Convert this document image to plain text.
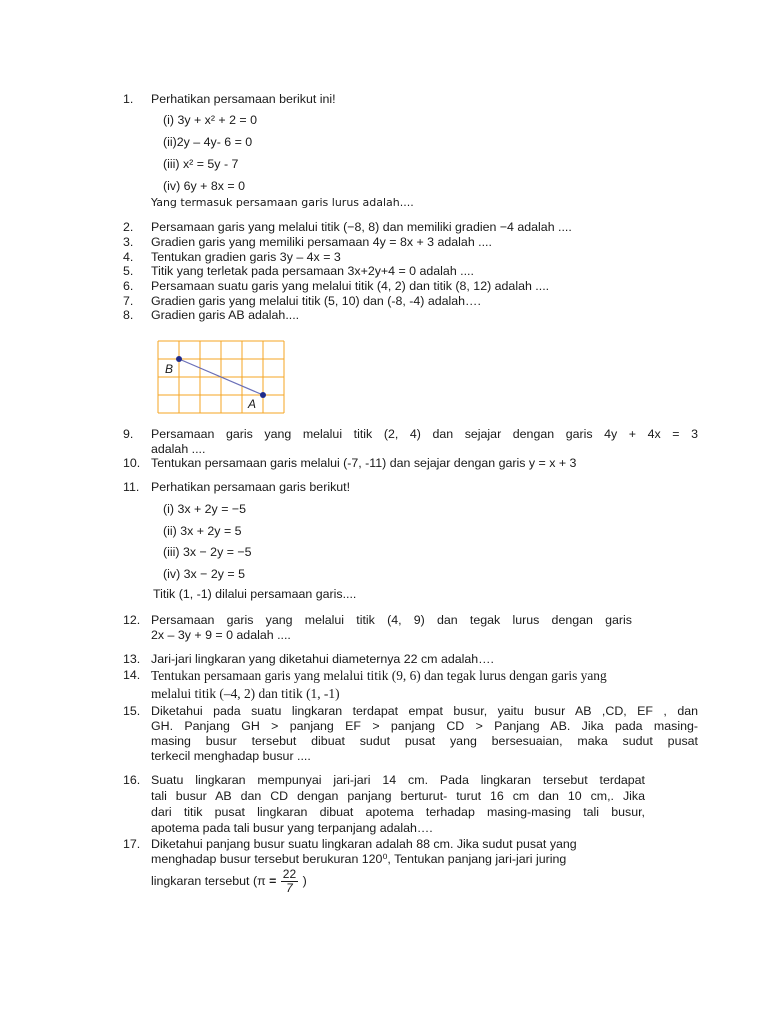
1. Perhatikan persamaan berikut ini!
(i) 3y + x² + 2 = 0
(ii)2y – 4y- 6 = 0
(iii) x² = 5y - 7
(iv) 6y + 8x = 0
Yang termasuk persamaan garis lurus adalah....
2. Persamaan garis yang melalui titik (−8, 8) dan memiliki gradien −4 adalah ....
3. Gradien garis yang memiliki persamaan 4y = 8x + 3 adalah ....
4. Tentukan gradien garis 3y – 4x = 3
5. Titik yang terletak pada persamaan 3x+2y+4 = 0 adalah ....
6. Persamaan suatu garis yang melalui titik (4, 2) dan titik (8, 12) adalah ....
7. Gradien garis yang melalui titik (5, 10) dan (-8, -4) adalah….
8. Gradien garis AB adalah....
B
A
9. Persamaan garis yang melalui titik (2, 4) dan sejajar dengan garis 4y + 4x = 3
adalah ....
10. Tentukan persamaan garis melalui (-7, -11) dan sejajar dengan garis y = x + 3
11. Perhatikan persamaan garis berikut!
(i) 3x + 2y = −5
(ii) 3x + 2y = 5
(iii) 3x − 2y = −5
(iv) 3x − 2y = 5
Titik (1, -1) dilalui persamaan garis....
12. Persamaan garis yang melalui titik (4, 9) dan tegak lurus dengan garis
2x – 3y + 9 = 0 adalah ....
13. Jari-jari lingkaran yang diketahui diameternya 22 cm adalah….
14. Tentukan persamaan garis yang melalui titik (9, 6) dan tegak lurus dengan garis yang
melalui titik (–4, 2) dan titik (1, -1)
15. Diketahui pada suatu lingkaran terdapat empat busur, yaitu busur AB ,CD, EF , dan
GH. Panjang GH > panjang EF > panjang CD > Panjang AB. Jika pada masing-
masing busur tersebut dibuat sudut pusat yang bersesuaian, maka sudut pusat
terkecil menghadap busur ....
16. Suatu lingkaran mempunyai jari-jari 14 cm. Pada lingkaran tersebut terdapat
tali busur AB dan CD dengan panjang berturut- turut 16 cm dan 10 cm,. Jika
dari titik pusat lingkaran dibuat apotema terhadap masing-masing tali busur,
apotema pada tali busur yang terpanjang adalah….
17. Diketahui panjang busur suatu lingkaran adalah 88 cm. Jika sudut pusat yang
menghadap busur tersebut berukuran 120⁰, Tentukan panjang jari-jari juring
lingkaran tersebut ($\pi = \frac{22}{7}$ )
